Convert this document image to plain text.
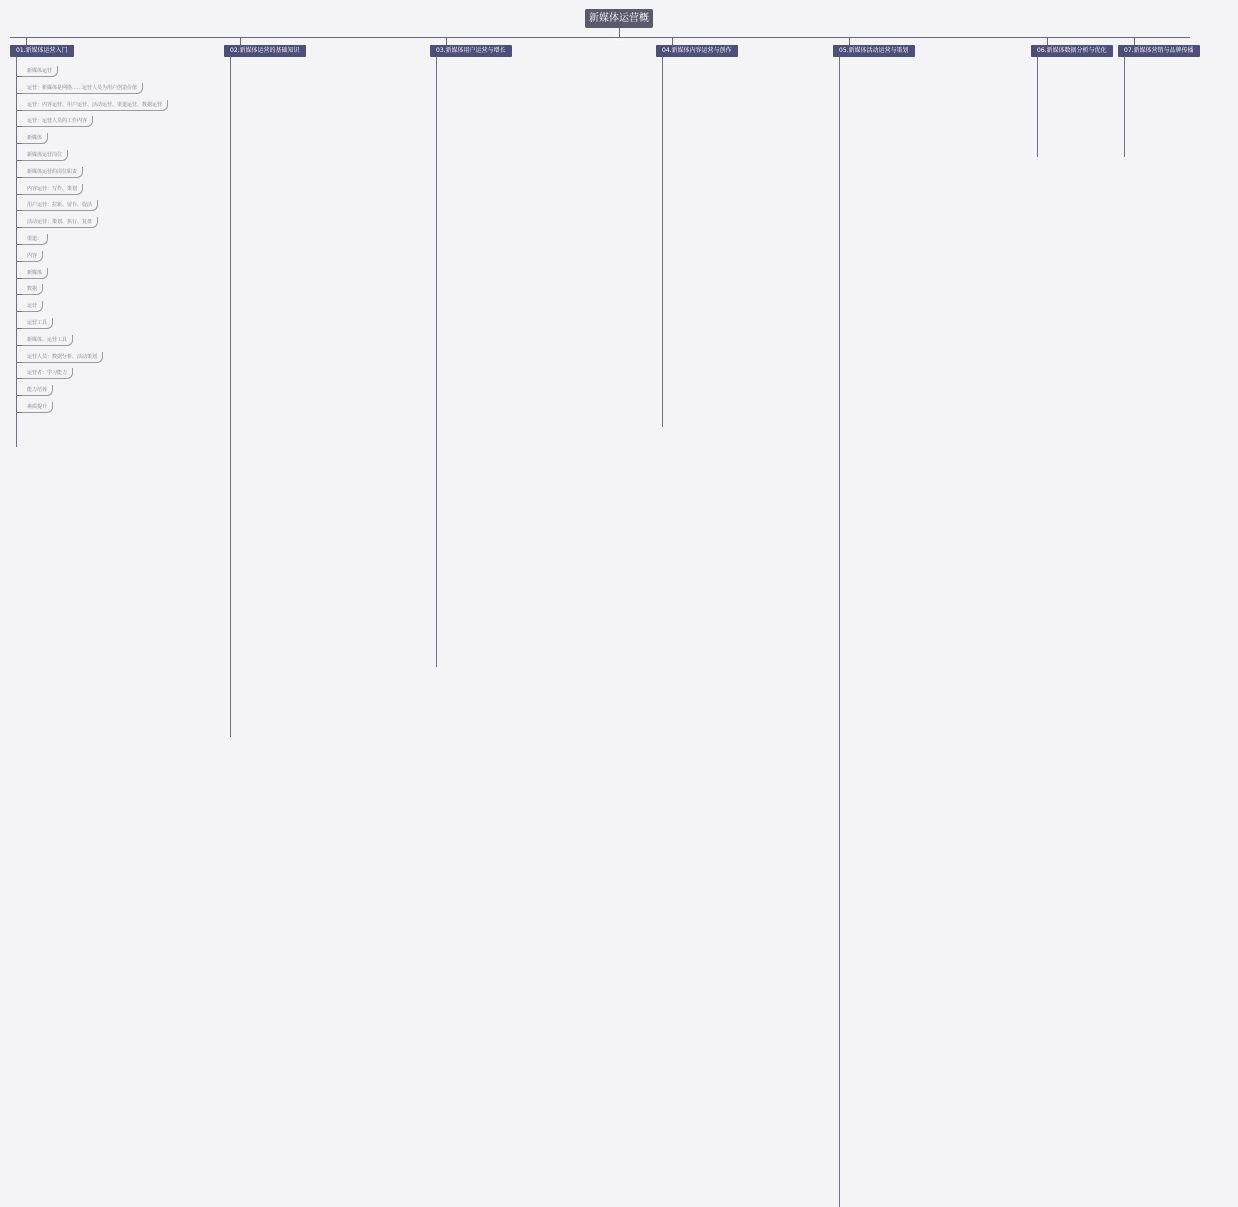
新媒体运营概
01.新媒体运营入门
新媒体运营
运营：新媒体是网络……运营人员为用户创造价值
运营：内容运营、用户运营、活动运营、渠道运营、数据运营
运营：运营人员的工作内容
新媒体
新媒体运营岗位
新媒体运营的岗位职责
内容运营：写作、策划
用户运营：拉新、留存、促活
活动运营：策划、执行、复盘
渠道：
内容
新媒体
数据
运营
运营工具
新媒体、运营工具
运营人员：数据分析、活动策划
运营者：学习能力
能力培养
素质提升
02.新媒体运营的基础知识	03.新媒体用户运营与增长	04.新媒体内容运营与创作	05.新媒体活动运营与策划	06.新媒体数据分析与优化	07.新媒体营销与品牌传播
